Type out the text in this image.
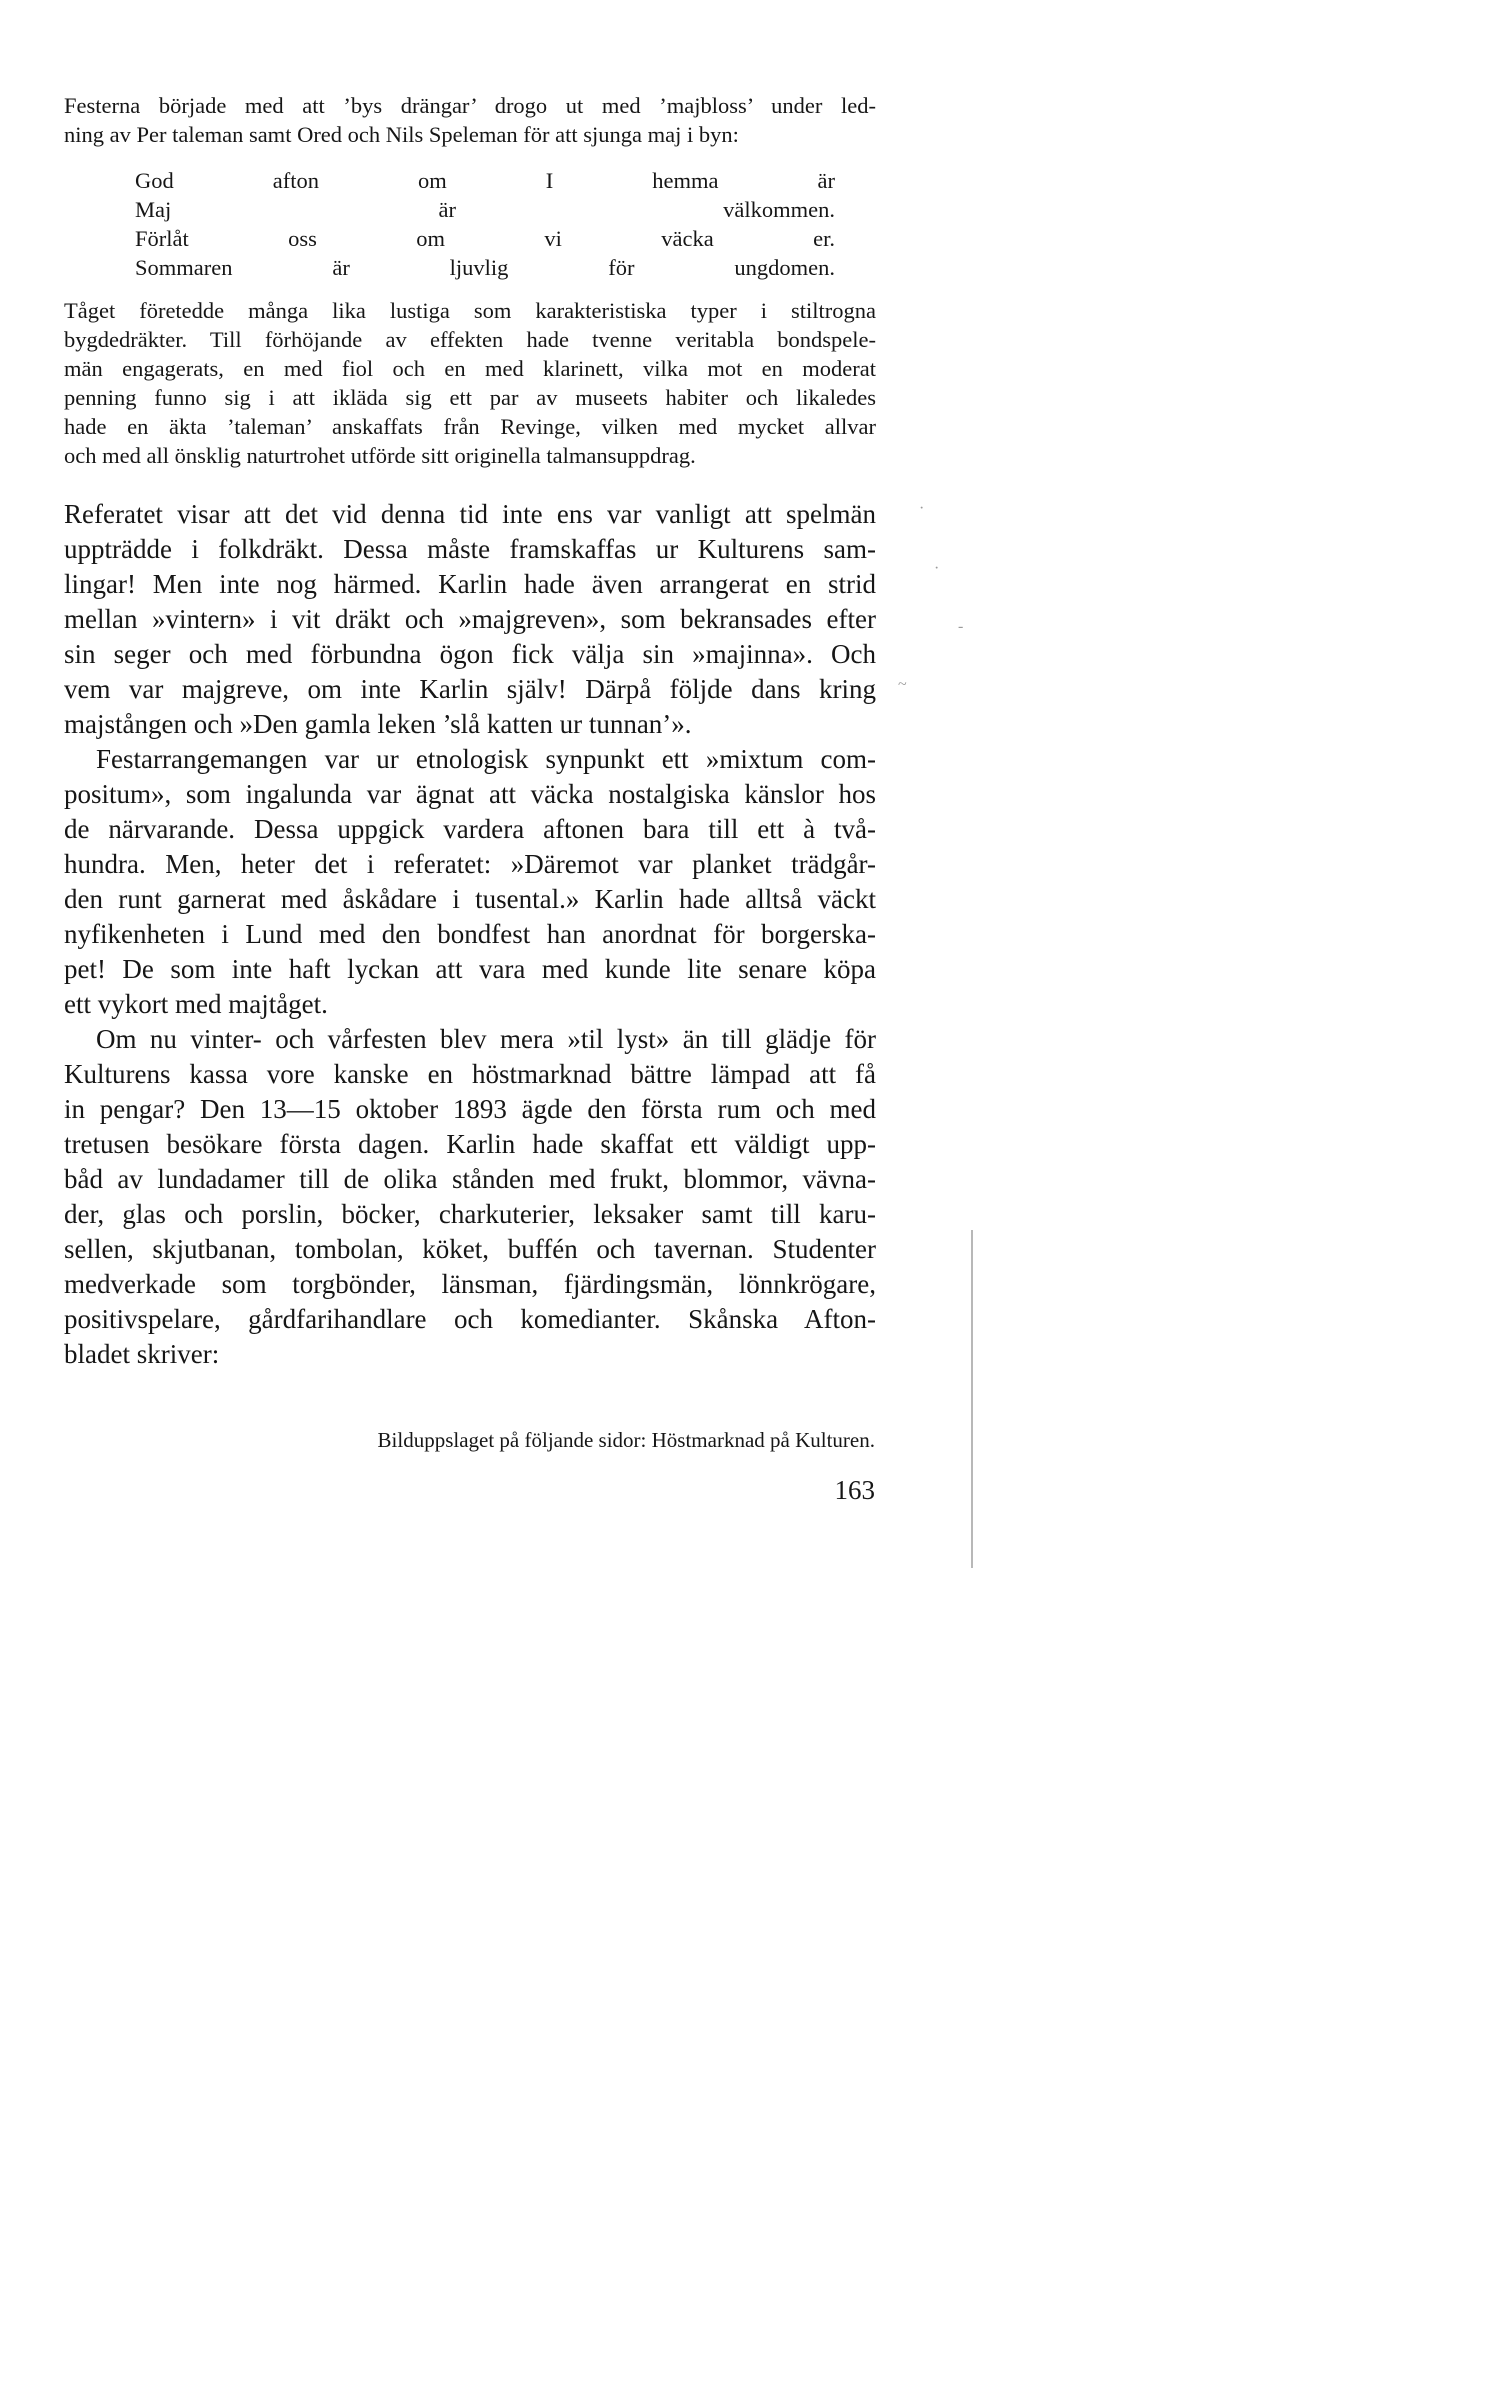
Festerna började med att ’bys drängar’ drogo ut med ’majbloss’ under led-
ning av Per taleman samt Ored och Nils Speleman för att sjunga maj i byn:
God afton om I hemma är
Maj är välkommen.
Förlåt oss om vi väcka er.
Sommaren är ljuvlig för ungdomen.
Tåget företedde många lika lustiga som karakteristiska typer i stiltrogna
bygdedräkter. Till förhöjande av effekten hade tvenne veritabla bondspele-
män engagerats, en med fiol och en med klarinett, vilka mot en moderat
penning funno sig i att ikläda sig ett par av museets habiter och likaledes
hade en äkta ’taleman’ anskaffats från Revinge, vilken med mycket allvar
och med all önsklig naturtrohet utförde sitt originella talmansuppdrag.
Referatet visar att det vid denna tid inte ens var vanligt att spelmän
uppträdde i folkdräkt. Dessa måste framskaffas ur Kulturens sam-
lingar! Men inte nog härmed. Karlin hade även arrangerat en strid
mellan »vintern» i vit dräkt och »majgreven», som bekransades efter
sin seger och med förbundna ögon fick välja sin »majinna». Och
vem var majgreve, om inte Karlin själv! Därpå följde dans kring
majstången och »Den gamla leken ’slå katten ur tunnan’».
Festarrangemangen var ur etnologisk synpunkt ett »mixtum com-
positum», som ingalunda var ägnat att väcka nostalgiska känslor hos
de närvarande. Dessa uppgick vardera aftonen bara till ett à två-
hundra. Men, heter det i referatet: »Däremot var planket trädgår-
den runt garnerat med åskådare i tusental.» Karlin hade alltså väckt
nyfikenheten i Lund med den bondfest han anordnat för borgerska-
pet! De som inte haft lyckan att vara med kunde lite senare köpa
ett vykort med majtåget.
Om nu vinter- och vårfesten blev mera »til lyst» än till glädje för
Kulturens kassa vore kanske en höstmarknad bättre lämpad att få
in pengar? Den 13—15 oktober 1893 ägde den första rum och med
tretusen besökare första dagen. Karlin hade skaffat ett väldigt upp-
båd av lundadamer till de olika stånden med frukt, blommor, vävna-
der, glas och porslin, böcker, charkuterier, leksaker samt till karu-
sellen, skjutbanan, tombolan, köket, buffén och tavernan. Studenter
medverkade som torgbönder, länsman, fjärdingsmän, lönnkrögare,
positivspelare, gårdfarihandlare och komedianter. Skånska Afton-
bladet skriver:
Bilduppslaget på följande sidor: Höstmarknad på Kulturen.
163
·
·
‑
~
